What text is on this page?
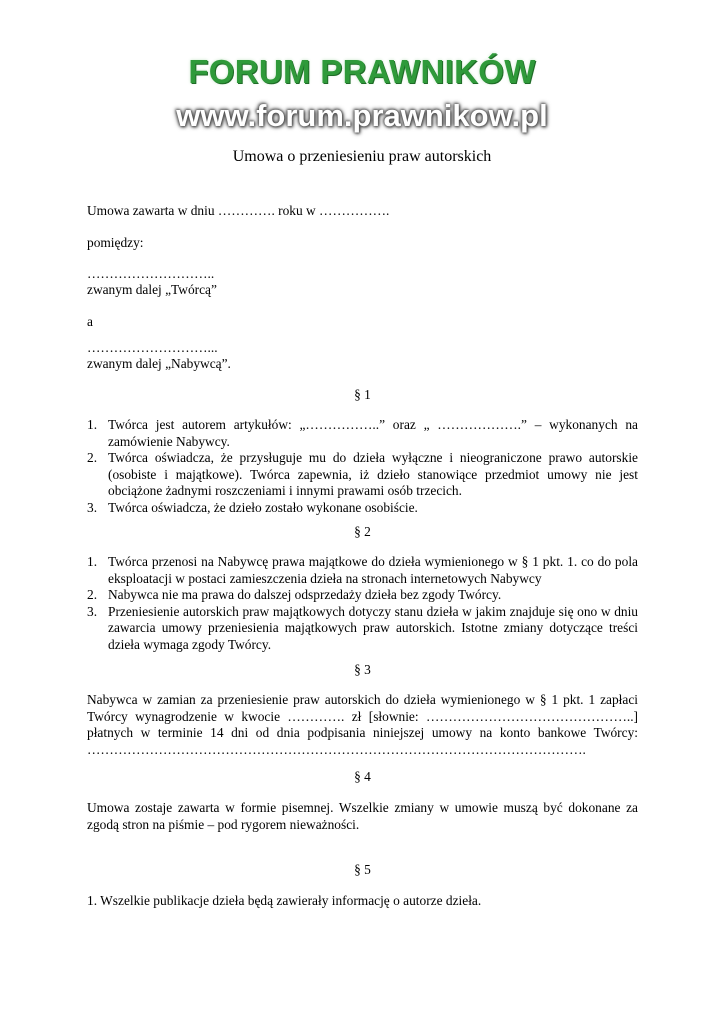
FORUM PRAWNIKÓW
www.forum.prawnikow.pl
Umowa o przeniesieniu praw autorskich
Umowa zawarta w dniu …………. roku w …………….
pomiędzy:
………………………..
zwanym dalej „Twórcą”
a
………………………...
zwanym dalej „Nabywcą”.
§ 1
1. Twórca jest autorem artykułów: „……………..” oraz „ ……………….” – wykonanych na zamówienie Nabywcy.
2. Twórca oświadcza, że przysługuje mu do dzieła wyłączne i nieograniczone prawo autorskie (osobiste i majątkowe). Twórca zapewnia, iż dzieło stanowiące przedmiot umowy nie jest obciążone żadnymi roszczeniami i innymi prawami osób trzecich.
3. Twórca oświadcza, że dzieło zostało wykonane osobiście.
§ 2
1. Twórca przenosi na Nabywcę prawa majątkowe do dzieła wymienionego w § 1 pkt. 1. co do pola eksploatacji w postaci zamieszczenia dzieła na stronach internetowych Nabywcy
2. Nabywca nie ma prawa do dalszej odsprzedaży dzieła bez zgody Twórcy.
3. Przeniesienie autorskich praw majątkowych dotyczy stanu dzieła w jakim znajduje się ono w dniu zawarcia umowy przeniesienia majątkowych praw autorskich. Istotne zmiany dotyczące treści dzieła wymaga zgody Twórcy.
§ 3
Nabywca w zamian za przeniesienie praw autorskich do dzieła wymienionego w § 1 pkt. 1 zapłaci Twórcy wynagrodzenie w kwocie …………. zł [słownie: ………………………………………..] płatnych w terminie 14 dni od dnia podpisania niniejszej umowy na konto bankowe Twórcy: ………………………………………………………………………………………………….
§ 4
Umowa zostaje zawarta w formie pisemnej. Wszelkie zmiany w umowie muszą być dokonane za zgodą stron na piśmie – pod rygorem nieważności.
§ 5
1. Wszelkie publikacje dzieła będą zawierały informację o autorze dzieła.
